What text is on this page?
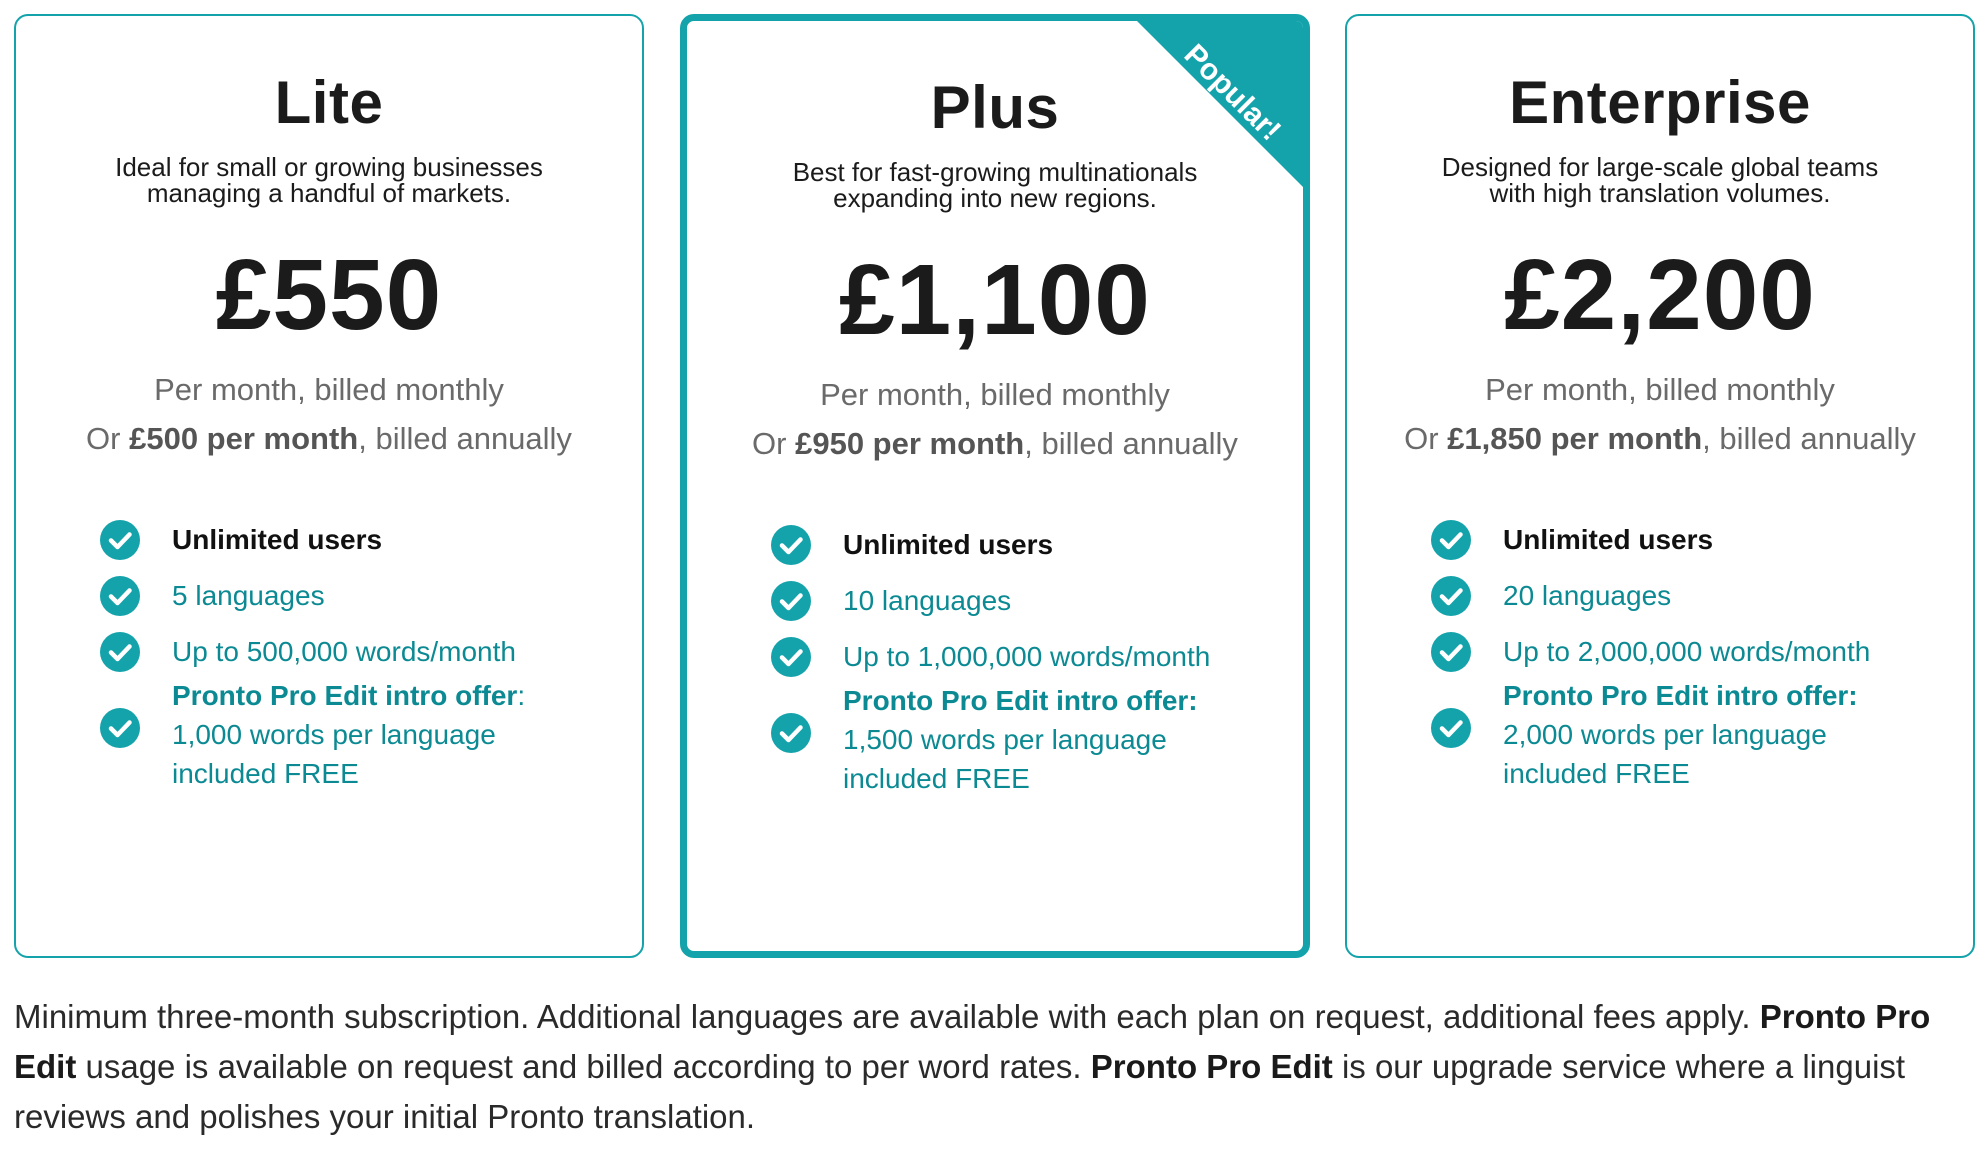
Lite
Ideal for small or growing businesses
managing a handful of markets.
£550
Per month, billed monthly
Or £500 per month, billed annually
Unlimited users
5 languages
Up to 500,000 words/month
Pronto Pro Edit intro offer:
1,000 words per language
included FREE
Plus
Best for fast-growing multinationals
expanding into new regions.
£1,100
Per month, billed monthly
Or £950 per month, billed annually
Unlimited users
10 languages
Up to 1,000,000 words/month
Pronto Pro Edit intro offer:
1,500 words per language
included FREE
Popular!	Enterprise
Designed for large-scale global teams
with high translation volumes.
£2,200
Per month, billed monthly
Or £1,850 per month, billed annually
Unlimited users
20 languages
Up to 2,000,000 words/month
Pronto Pro Edit intro offer:
2,000 words per language
included FREE
Minimum three-month subscription. Additional languages are available with each plan on request, additional fees apply. Pronto Pro Edit usage is available on request and billed according to per word rates. Pronto Pro Edit is our upgrade service where a linguist reviews and polishes your initial Pronto translation.
